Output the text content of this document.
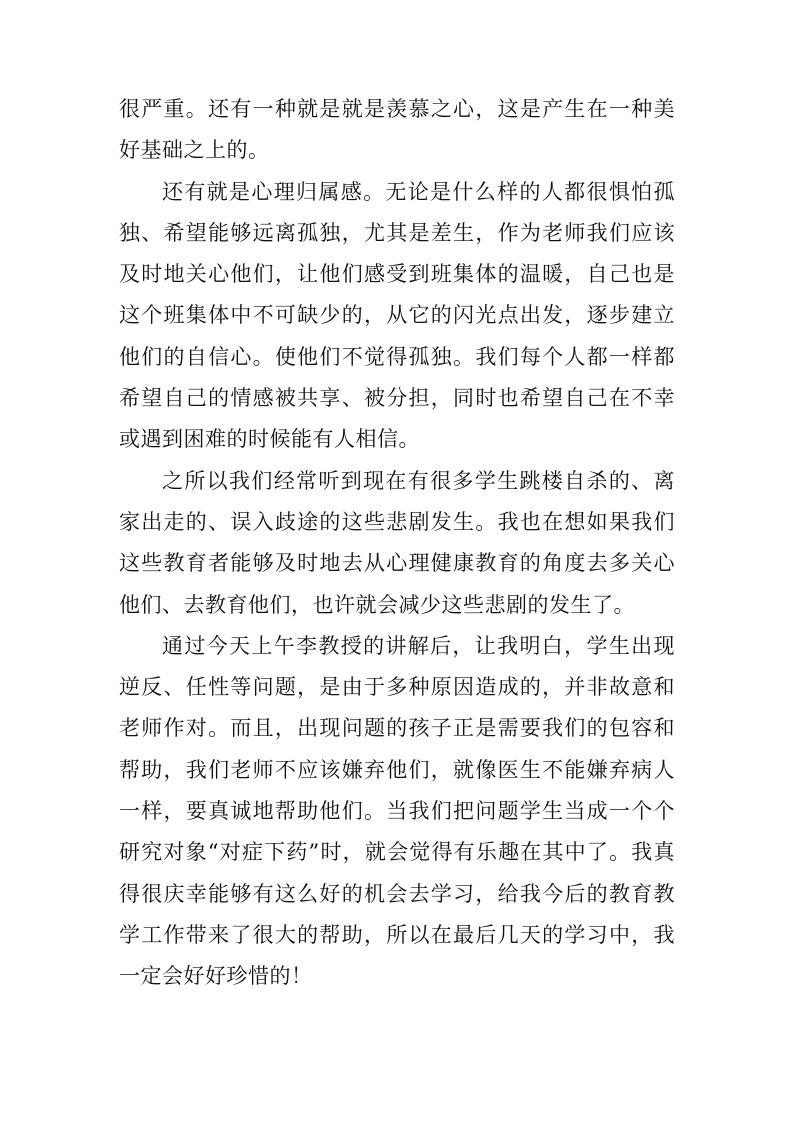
很严重。还有一种就是就是羡慕之心，这是产生在一种美好基础之上的。

还有就是心理归属感。无论是什么样的人都很惧怕孤独、希望能够远离孤独，尤其是差生，作为老师我们应该及时地关心他们，让他们感受到班集体的温暖，自己也是这个班集体中不可缺少的，从它的闪光点出发，逐步建立他们的自信心。使他们不觉得孤独。我们每个人都一样都希望自己的情感被共享、被分担，同时也希望自己在不幸或遇到困难的时候能有人相信。

之所以我们经常听到现在有很多学生跳楼自杀的、离家出走的、误入歧途的这些悲剧发生。我也在想如果我们这些教育者能够及时地去从心理健康教育的角度去多关心他们、去教育他们，也许就会减少这些悲剧的发生了。

通过今天上午李教授的讲解后，让我明白，学生出现逆反、任性等问题，是由于多种原因造成的，并非故意和老师作对。而且，出现问题的孩子正是需要我们的包容和帮助，我们老师不应该嫌弃他们，就像医生不能嫌弃病人一样，要真诚地帮助他们。当我们把问题学生当成一个个研究对象“对症下药”时，就会觉得有乐趣在其中了。我真得很庆幸能够有这么好的机会去学习，给我今后的教育教学工作带来了很大的帮助，所以在最后几天的学习中，我一定会好好珍惜的！
